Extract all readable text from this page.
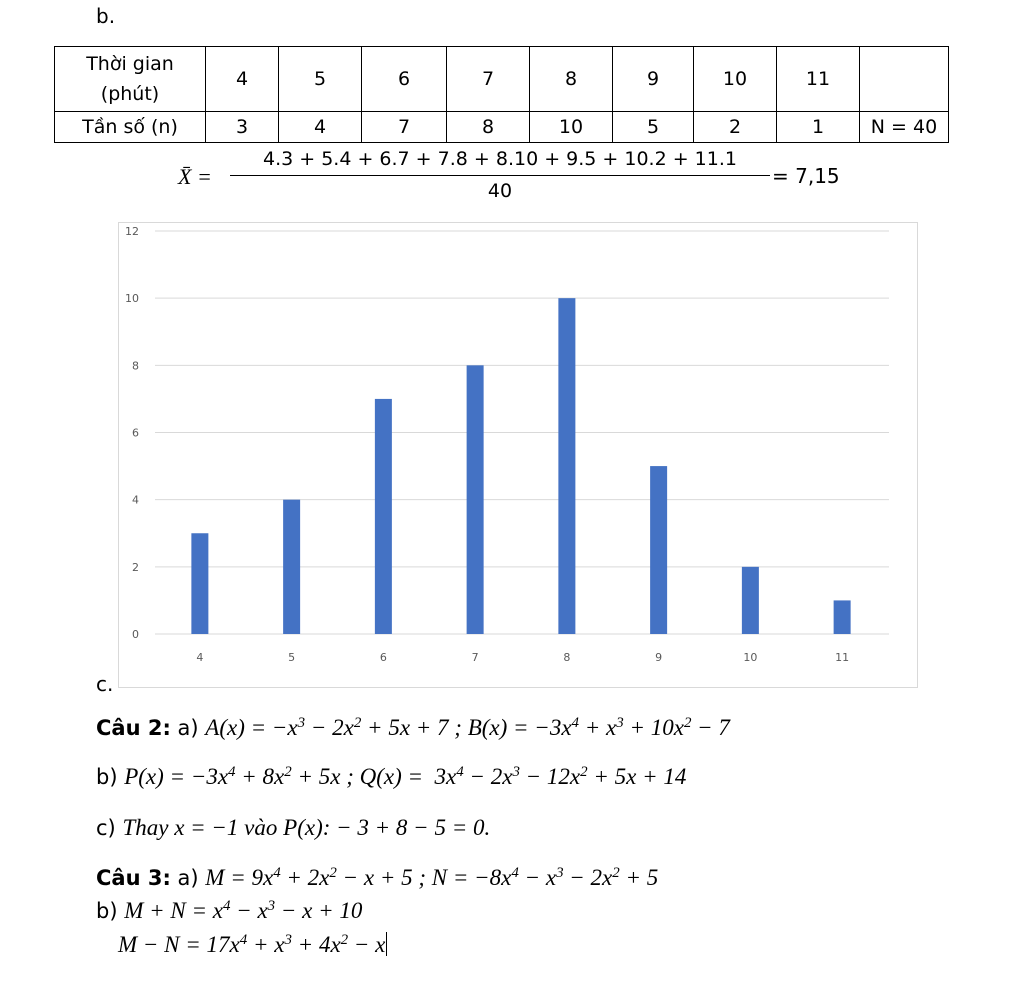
b.
Thời gian (phút)	4	5	6	7	8	9	10	11	
Tần số (n)	3	4	7	8	10	5	2	1	N = 40
X̄ =
4.3 + 5.4 + 6.7 + 7.8 + 8.10 + 9.5 + 10.2 + 11.1
40
= 7,15
0
2
4
6
8
10
12
4	5	6	7	8	9	10	11
c.
Câu 2: a) $A(x) = -x^3 - 2x^2 + 5x + 7$ ; $B(x) = -3x^4 + x^3 + 10x^2 - 7$
b) $P(x) = -3x^4 + 8x^2 + 5x$ ; $Q(x) = 3x^4 - 2x^3 - 12x^2 + 5x + 14$
c) Thay x = −1 vào P(x): − 3 + 8 − 5 = 0.
Câu 3: a) $M = 9x^4 + 2x^2 - x + 5$ ; $N = -8x^4 - x^3 - 2x^2 + 5$
b) $M + N = x^4 - x^3 - x + 10$
$M - N = 17x^4 + x^3 + 4x^2 - x$
